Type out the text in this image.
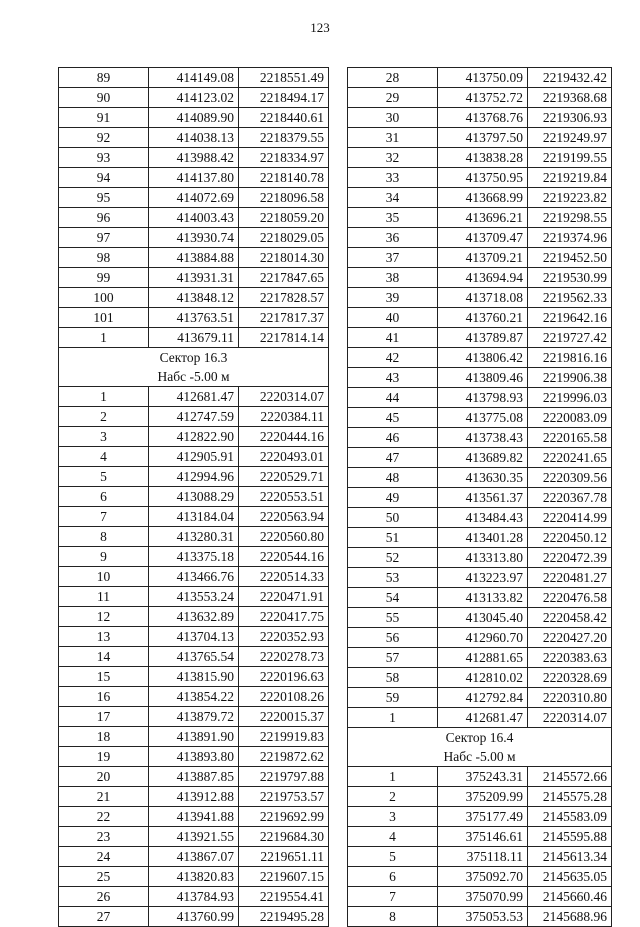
123
89	414149.08	2218551.49
90	414123.02	2218494.17
91	414089.90	2218440.61
92	414038.13	2218379.55
93	413988.42	2218334.97
94	414137.80	2218140.78
95	414072.69	2218096.58
96	414003.43	2218059.20
97	413930.74	2218029.05
98	413884.88	2218014.30
99	413931.31	2217847.65
100	413848.12	2217828.57
101	413763.51	2217817.37
1	413679.11	2217814.14
Сектор 16.3		
Набс -5.00 м		
1	412681.47	2220314.07
2	412747.59	2220384.11
3	412822.90	2220444.16
4	412905.91	2220493.01
5	412994.96	2220529.71
6	413088.29	2220553.51
7	413184.04	2220563.94
8	413280.31	2220560.80
9	413375.18	2220544.16
10	413466.76	2220514.33
11	413553.24	2220471.91
12	413632.89	2220417.75
13	413704.13	2220352.93
14	413765.54	2220278.73
15	413815.90	2220196.63
16	413854.22	2220108.26
17	413879.72	2220015.37
18	413891.90	2219919.83
19	413893.80	2219872.62
20	413887.85	2219797.88
21	413912.88	2219753.57
22	413941.88	2219692.99
23	413921.55	2219684.30
24	413867.07	2219651.11
25	413820.83	2219607.15
26	413784.93	2219554.41
27	413760.99	2219495.28
28	413750.09	2219432.42
29	413752.72	2219368.68
30	413768.76	2219306.93
31	413797.50	2219249.97
32	413838.28	2219199.55
33	413750.95	2219219.84
34	413668.99	2219223.82
35	413696.21	2219298.55
36	413709.47	2219374.96
37	413709.21	2219452.50
38	413694.94	2219530.99
39	413718.08	2219562.33
40	413760.21	2219642.16
41	413789.87	2219727.42
42	413806.42	2219816.16
43	413809.46	2219906.38
44	413798.93	2219996.03
45	413775.08	2220083.09
46	413738.43	2220165.58
47	413689.82	2220241.65
48	413630.35	2220309.56
49	413561.37	2220367.78
50	413484.43	2220414.99
51	413401.28	2220450.12
52	413313.80	2220472.39
53	413223.97	2220481.27
54	413133.82	2220476.58
55	413045.40	2220458.42
56	412960.70	2220427.20
57	412881.65	2220383.63
58	412810.02	2220328.69
59	412792.84	2220310.80
1	412681.47	2220314.07
Сектор 16.4		
Набс -5.00 м		
1	375243.31	2145572.66
2	375209.99	2145575.28
3	375177.49	2145583.09
4	375146.61	2145595.88
5	375118.11	2145613.34
6	375092.70	2145635.05
7	375070.99	2145660.46
8	375053.53	2145688.96
